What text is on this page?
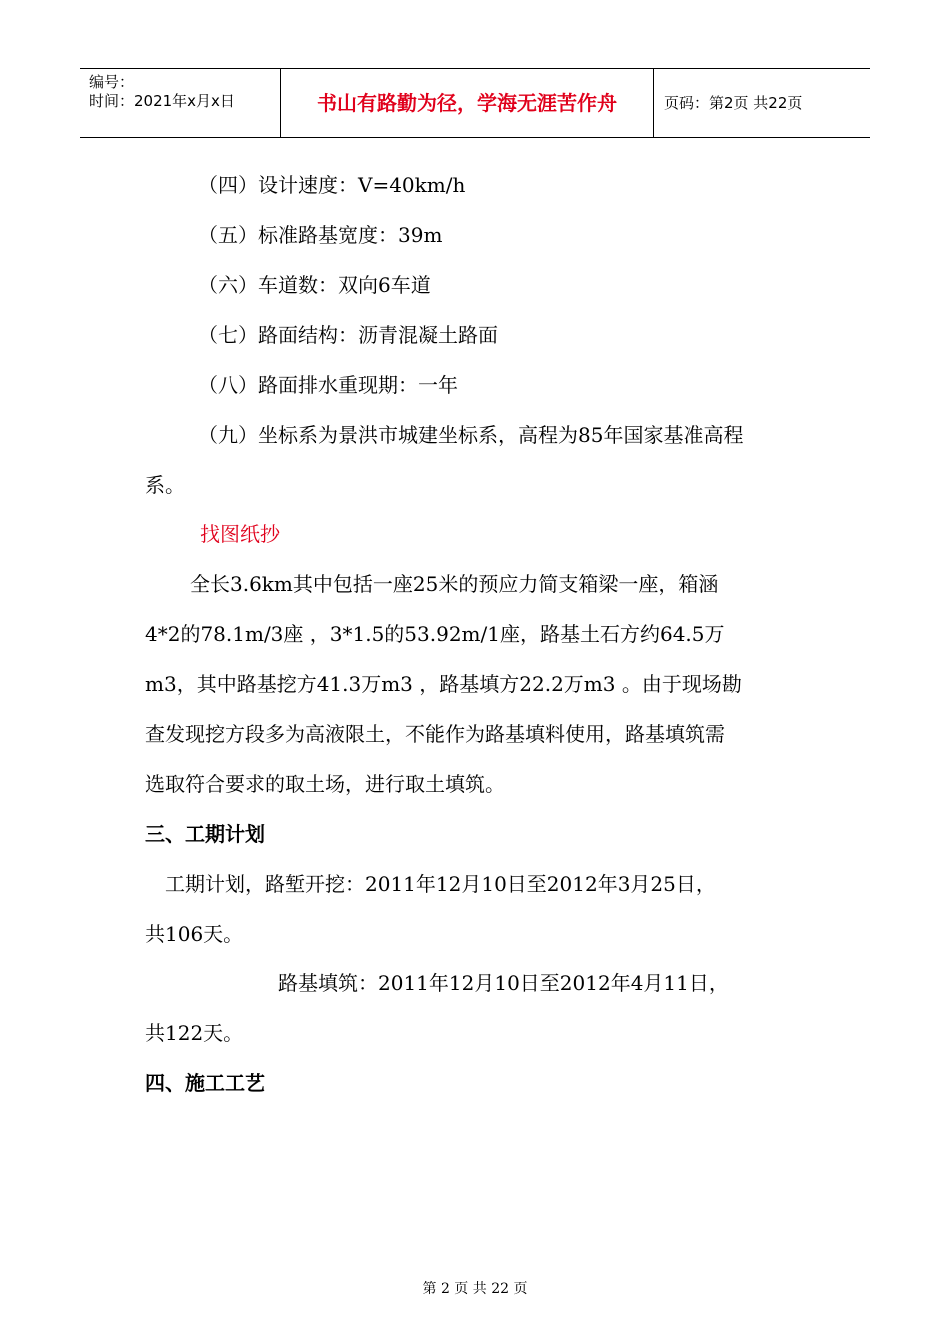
编号：
时间：2021年x月x日	书山有路勤为径，学海无涯苦作舟	页码：第2页 共22页
（四）设计速度：V=40km/h
（五）标准路基宽度：39m
（六）车道数：双向6车道
（七）路面结构：沥青混凝土路面
（八）路面排水重现期：一年
（九）坐标系为景洪市城建坐标系，高程为85年国家基准高程
系。
找图纸抄
全长3.6km其中包括一座25米的预应力简支箱梁一座，箱涵
4*2的78.1m/3座 ，3*1.5的53.92m/1座，路基土石方约64.5万
m3，其中路基挖方41.3万m3 ，路基填方22.2万m3 。由于现场勘
查发现挖方段多为高液限土，不能作为路基填料使用，路基填筑需
选取符合要求的取土场，进行取土填筑。
三、工期计划
工期计划，路堑开挖：2011年12月10日至2012年3月25日，
共106天。
路基填筑：2011年12月10日至2012年4月11日，
共122天。
四、施工工艺
第 2 页 共 22 页
